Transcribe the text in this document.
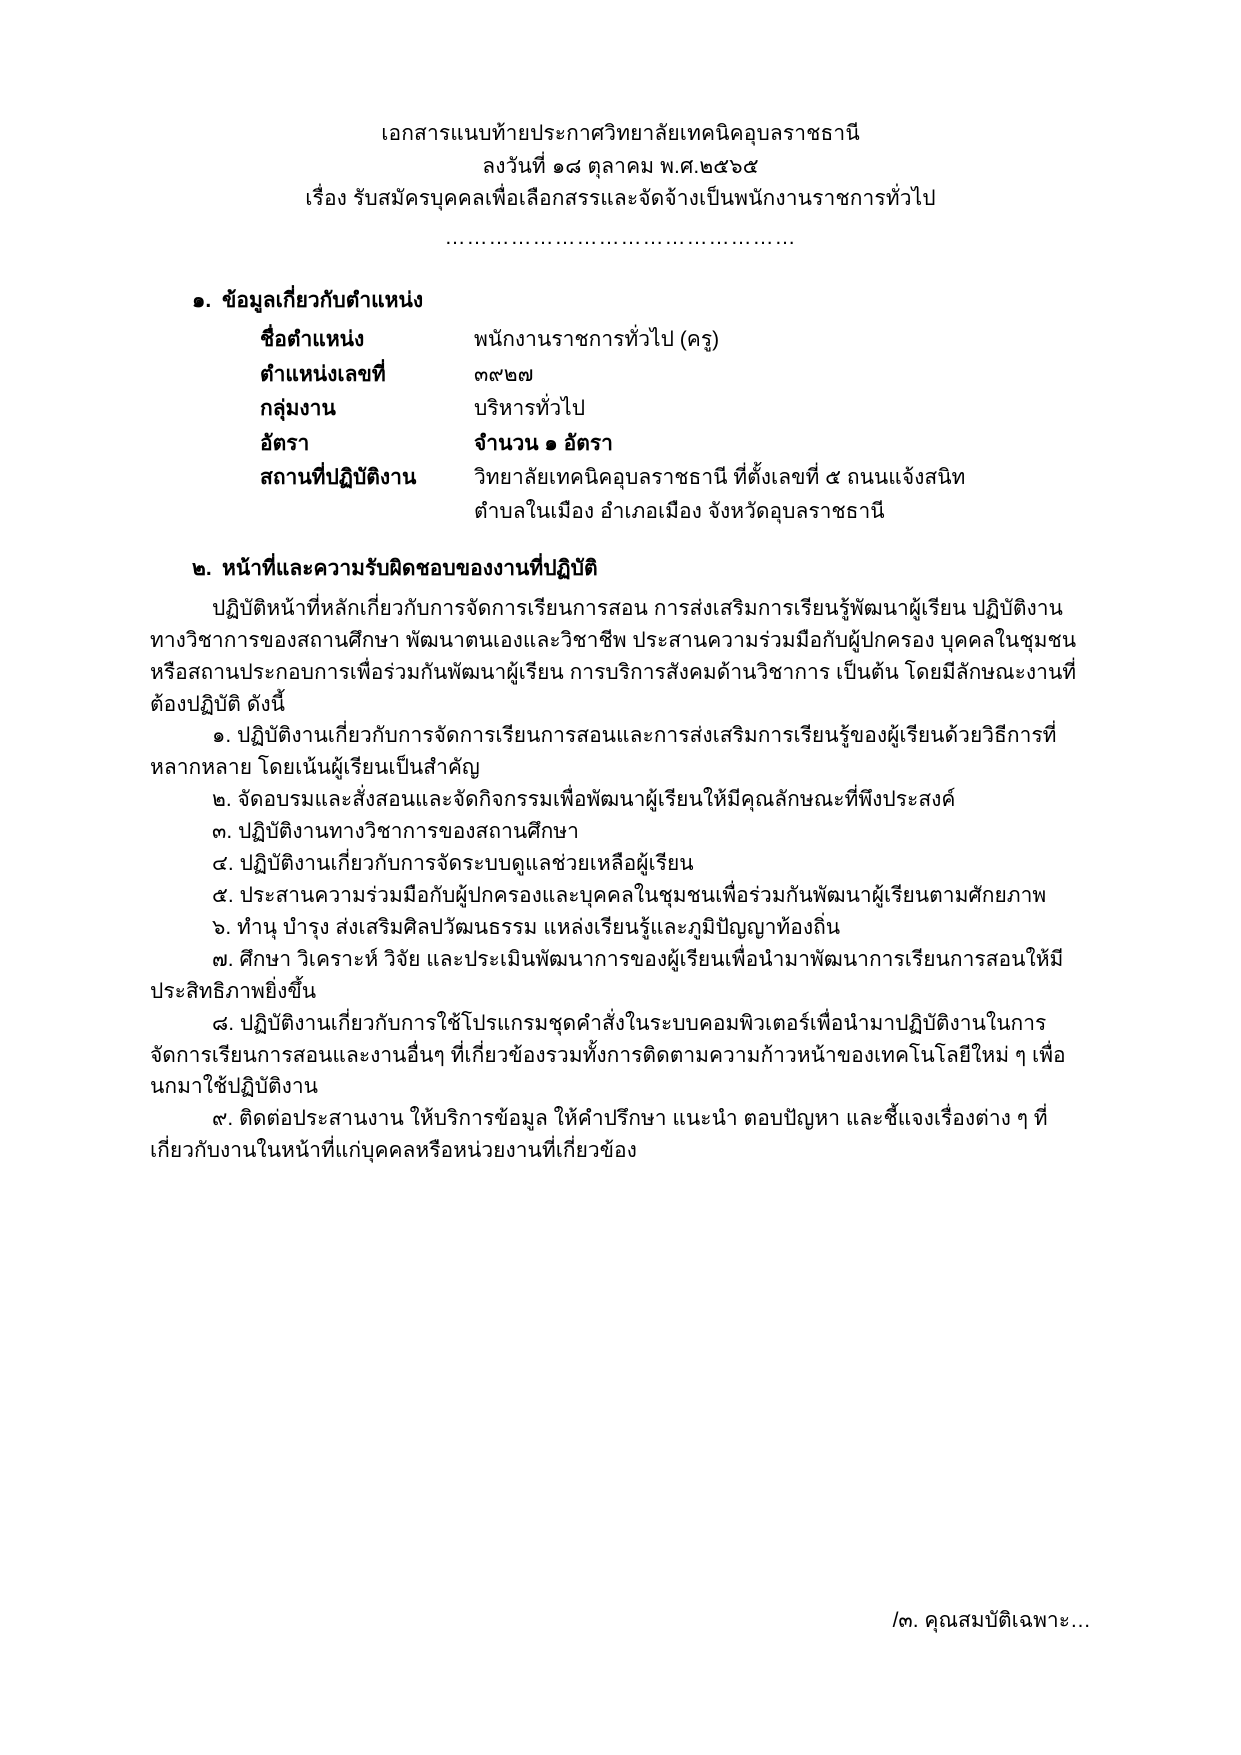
เอกสารแนบท้ายประกาศวิทยาลัยเทคนิคอุบลราชธานี
ลงวันที่ ๑๘ ตุลาคม พ.ศ.๒๕๖๕
เรื่อง รับสมัครบุคคลเพื่อเลือกสรรและจัดจ้างเป็นพนักงานราชการทั่วไป
…………………………………………
๑. ข้อมูลเกี่ยวกับตำแหน่ง
ชื่อตำแหน่ง	พนักงานราชการทั่วไป (ครู)
ตำแหน่งเลขที่	๓๙๒๗
กลุ่มงาน	บริหารทั่วไป
อัตรา	จำนวน ๑ อัตรา
สถานที่ปฏิบัติงาน	วิทยาลัยเทคนิคอุบลราชธานี ที่ตั้งเลขที่ ๕ ถนนแจ้งสนิท
	ตำบลในเมือง อำเภอเมือง จังหวัดอุบลราชธานี
๒. หน้าที่และความรับผิดชอบของงานที่ปฏิบัติ

ปฏิบัติหน้าที่หลักเกี่ยวกับการจัดการเรียนการสอน การส่งเสริมการเรียนรู้พัฒนาผู้เรียน ปฏิบัติงานทางวิชาการของสถานศึกษา พัฒนาตนเองและวิชาชีพ ประสานความร่วมมือกับผู้ปกครอง บุคคลในชุมชนหรือสถานประกอบการเพื่อร่วมกันพัฒนาผู้เรียน การบริการสังคมด้านวิชาการ เป็นต้น โดยมีลักษณะงานที่ต้องปฏิบัติ ดังนี้

๑. ปฏิบัติงานเกี่ยวกับการจัดการเรียนการสอนและการส่งเสริมการเรียนรู้ของผู้เรียนด้วยวิธีการที่หลากหลาย โดยเน้นผู้เรียนเป็นสำคัญ

๒. จัดอบรมและสั่งสอนและจัดกิจกรรมเพื่อพัฒนาผู้เรียนให้มีคุณลักษณะที่พึงประสงค์

๓. ปฏิบัติงานทางวิชาการของสถานศึกษา

๔. ปฏิบัติงานเกี่ยวกับการจัดระบบดูแลช่วยเหลือผู้เรียน

๕. ประสานความร่วมมือกับผู้ปกครองและบุคคลในชุมชนเพื่อร่วมกันพัฒนาผู้เรียนตามศักยภาพ

๖. ทำนุ บำรุง ส่งเสริมศิลปวัฒนธรรม แหล่งเรียนรู้และภูมิปัญญาท้องถิ่น

๗. ศึกษา วิเคราะห์ วิจัย และประเมินพัฒนาการของผู้เรียนเพื่อนำมาพัฒนาการเรียนการสอนให้มีประสิทธิภาพยิ่งขึ้น

๘. ปฏิบัติงานเกี่ยวกับการใช้โปรแกรมชุดคำสั่งในระบบคอมพิวเตอร์เพื่อนำมาปฏิบัติงานในการจัดการเรียนการสอนและงานอื่นๆ ที่เกี่ยวข้องรวมทั้งการติดตามความก้าวหน้าของเทคโนโลยีใหม่ ๆ เพื่อนกมาใช้ปฏิบัติงาน

๙. ติดต่อประสานงาน ให้บริการข้อมูล ให้คำปรึกษา แนะนำ ตอบปัญหา และชี้แจงเรื่องต่าง ๆ ที่เกี่ยวกับงานในหน้าที่แก่บุคคลหรือหน่วยงานที่เกี่ยวข้อง

/๓. คุณสมบัติเฉพาะ…
